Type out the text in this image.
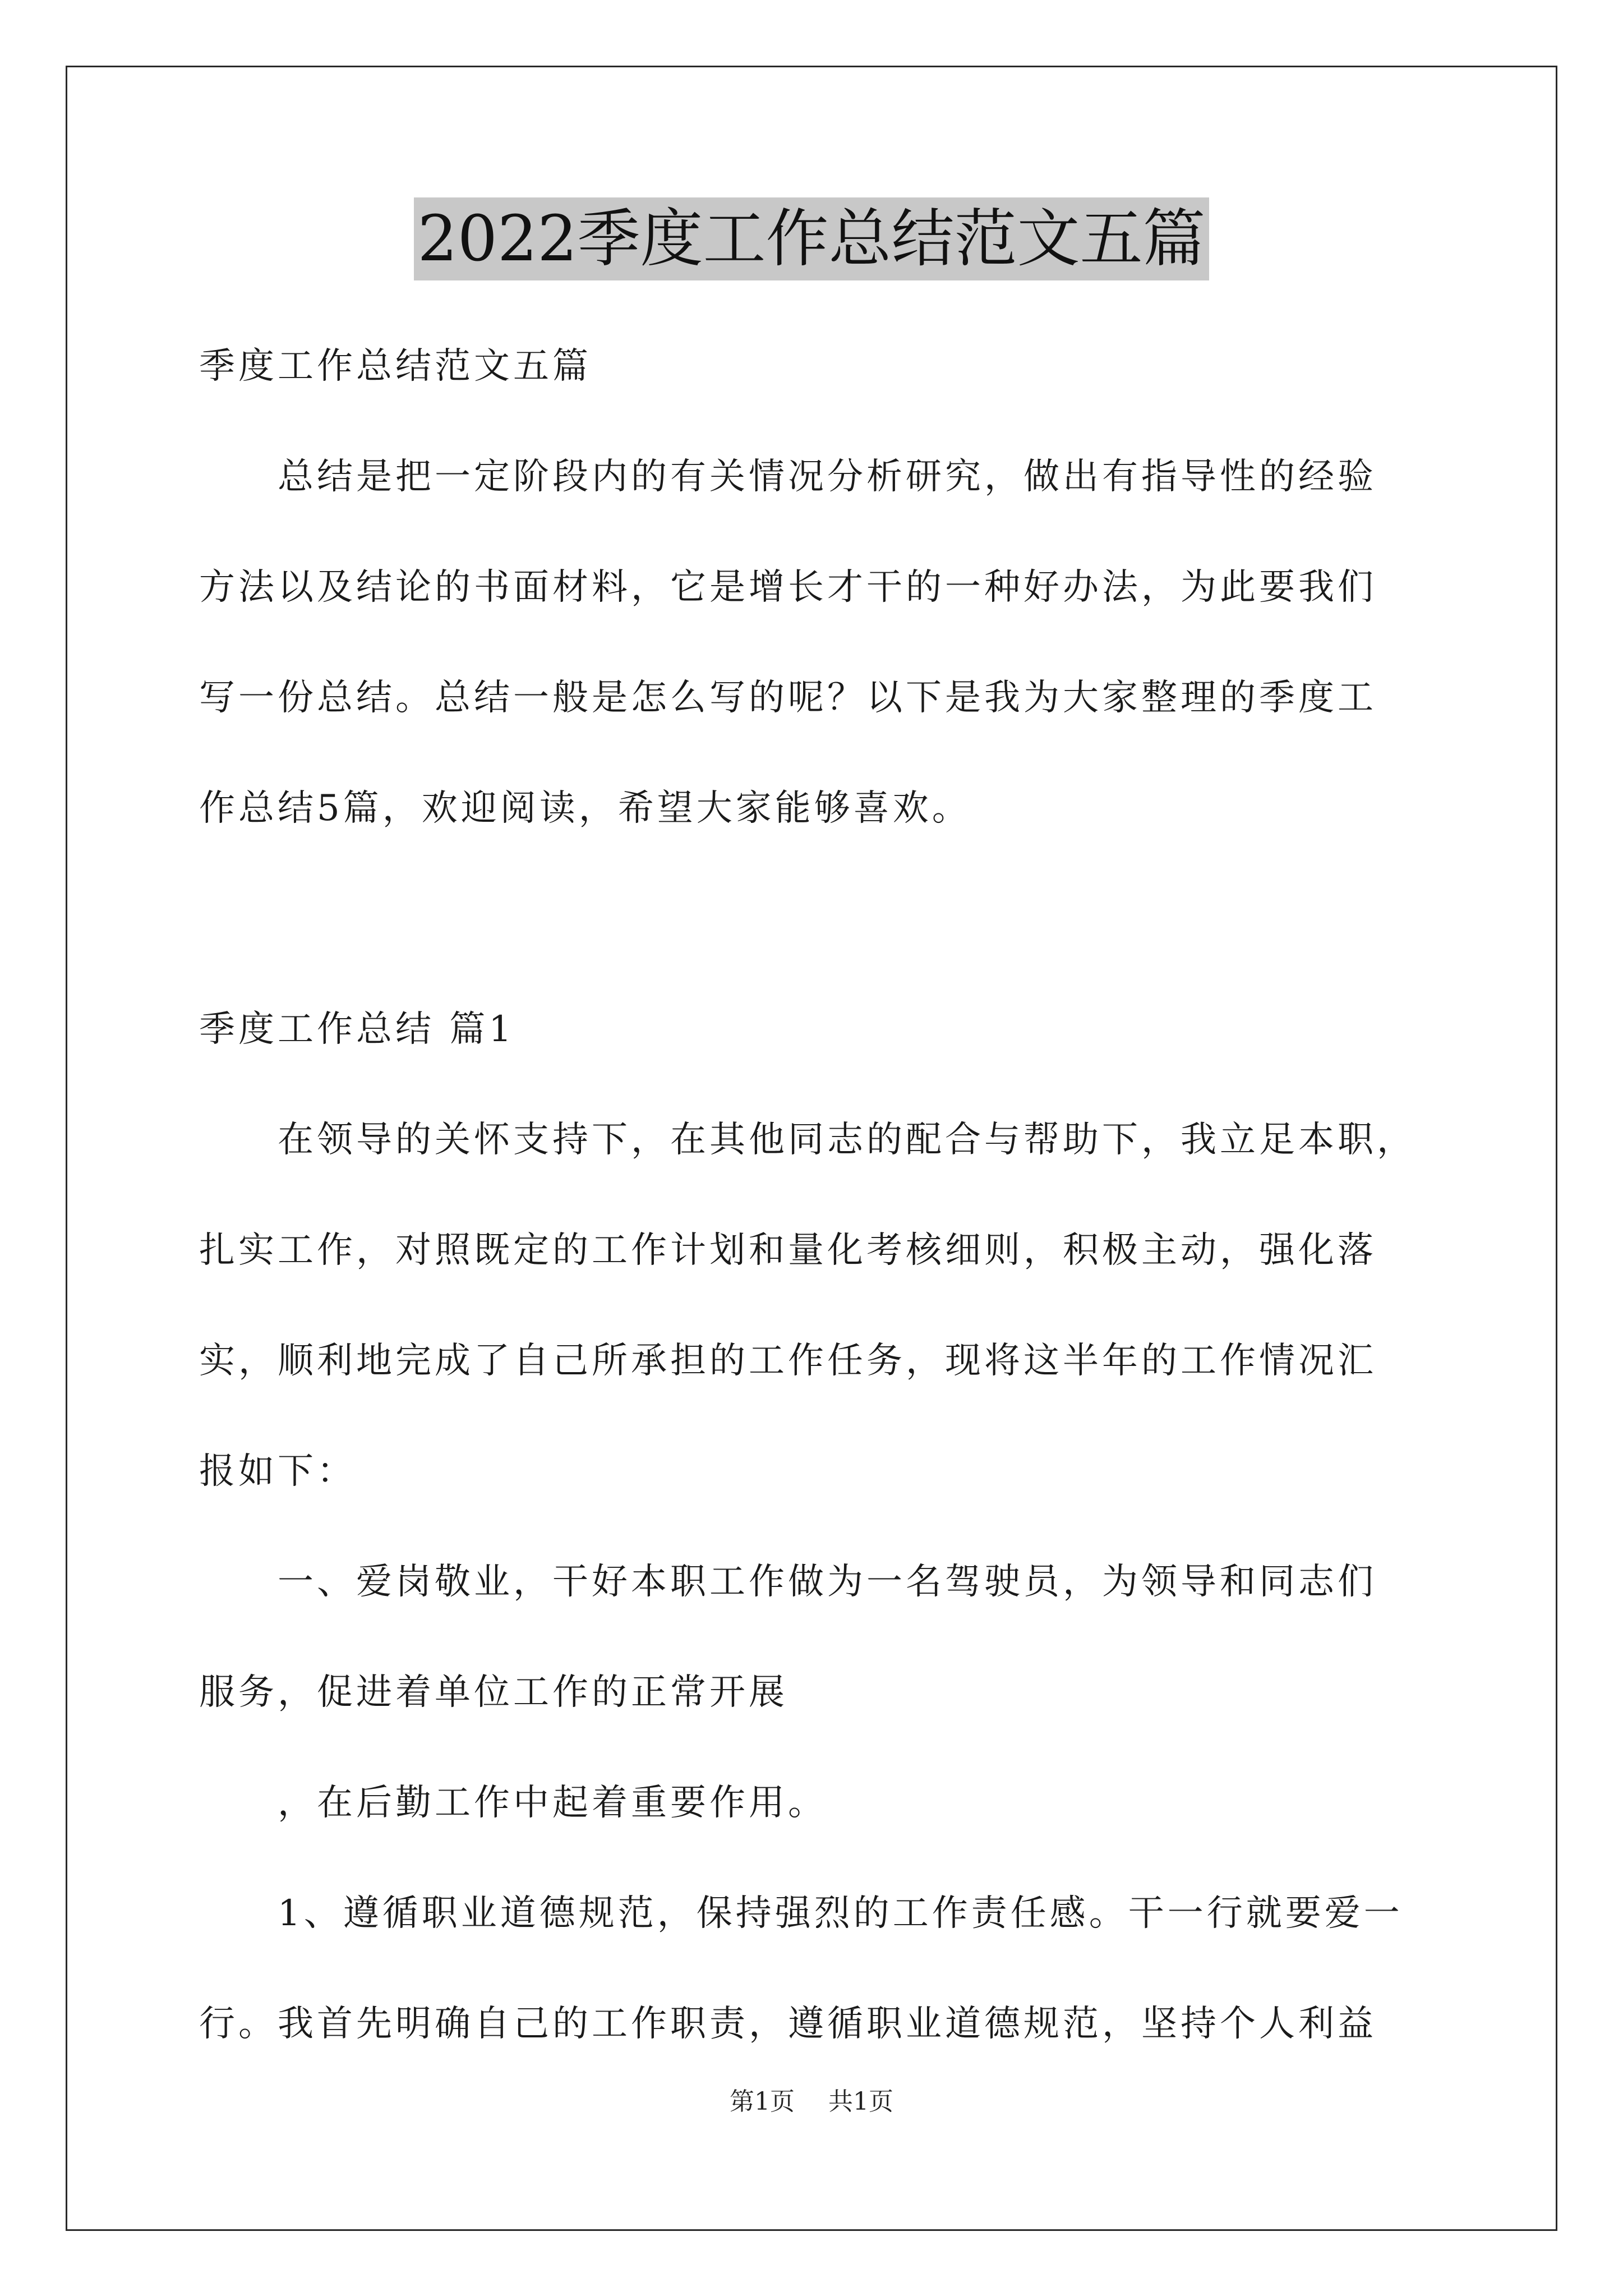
2022季度工作总结范文五篇
季度工作总结范文五篇
总结是把一定阶段内的有关情况分析研究，做出有指导性的经验
方法以及结论的书面材料，它是增长才干的一种好办法，为此要我们
写一份总结。总结一般是怎么写的呢？以下是我为大家整理的季度工
作总结5篇，欢迎阅读，希望大家能够喜欢。
季度工作总结 篇1
在领导的关怀支持下，在其他同志的配合与帮助下，我立足本职，
扎实工作，对照既定的工作计划和量化考核细则，积极主动，强化落
实，顺利地完成了自己所承担的工作任务，现将这半年的工作情况汇
报如下：
一、爱岗敬业，干好本职工作做为一名驾驶员，为领导和同志们
服务，促进着单位工作的正常开展
，在后勤工作中起着重要作用。
1、遵循职业道德规范，保持强烈的工作责任感。干一行就要爱一
行。我首先明确自己的工作职责，遵循职业道德规范，坚持个人利益
第1页 共1页
